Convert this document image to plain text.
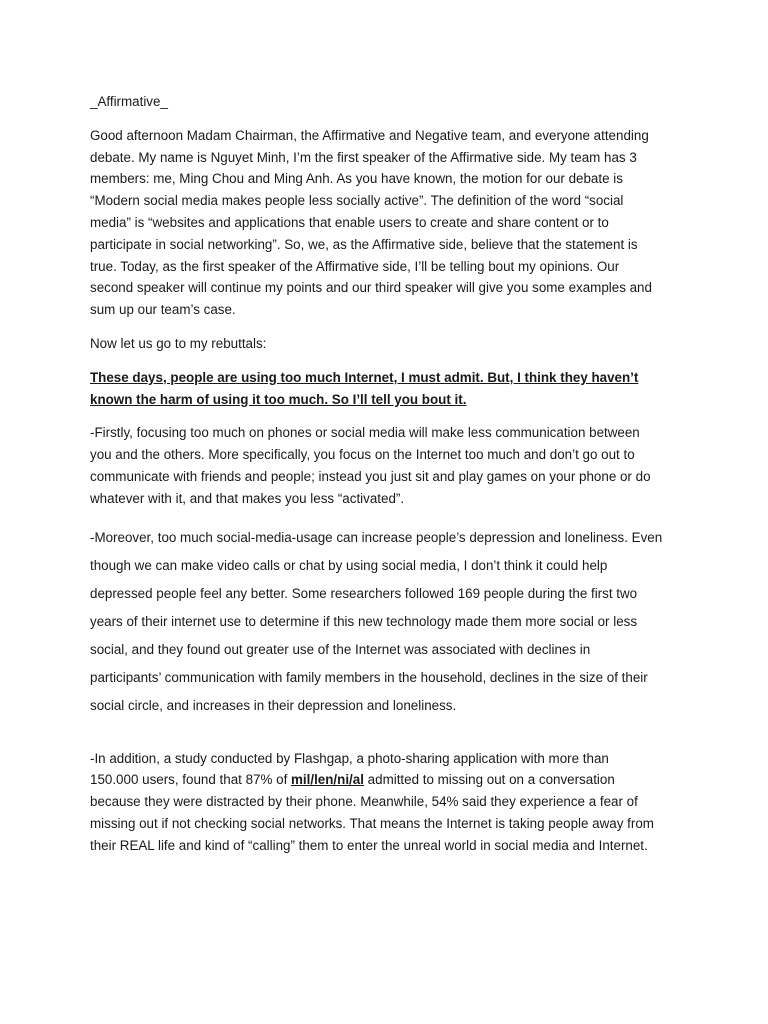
_Affirmative_

Good afternoon Madam Chairman, the Affirmative and Negative team, and everyone attending
debate. My name is Nguyet Minh, I’m the first speaker of the Affirmative side. My team has 3
members: me, Ming Chou and Ming Anh. As you have known, the motion for our debate is
“Modern social media makes people less socially active”. The definition of the word “social
media” is “websites and applications that enable users to create and share content or to
participate in social networking”. So, we, as the Affirmative side, believe that the statement is
true. Today, as the first speaker of the Affirmative side, I’ll be telling bout my opinions. Our
second speaker will continue my points and our third speaker will give you some examples and
sum up our team’s case.

Now let us go to my rebuttals:

These days, people are using too much Internet, I must admit. But, I think they haven’t
known the harm of using it too much. So I’ll tell you bout it.

-Firstly, focusing too much on phones or social media will make less communication between
you and the others. More specifically, you focus on the Internet too much and don’t go out to
communicate with friends and people; instead you just sit and play games on your phone or do
whatever with it, and that makes you less “activated”.

-Moreover, too much social-media-usage can increase people’s depression and loneliness. Even
though we can make video calls or chat by using social media, I don’t think it could help
depressed people feel any better. Some researchers followed 169 people during the first two
years of their internet use to determine if this new technology made them more social or less
social, and they found out greater use of the Internet was associated with declines in
participants’ communication with family members in the household, declines in the size of their
social circle, and increases in their depression and loneliness.

-In addition, a study conducted by Flashgap, a photo-sharing application with more than
150.000 users, found that 87% of mil/len/ni/al admitted to missing out on a conversation
because they were distracted by their phone. Meanwhile, 54% said they experience a fear of
missing out if not checking social networks. That means the Internet is taking people away from
their REAL life and kind of “calling” them to enter the unreal world in social media and Internet.
